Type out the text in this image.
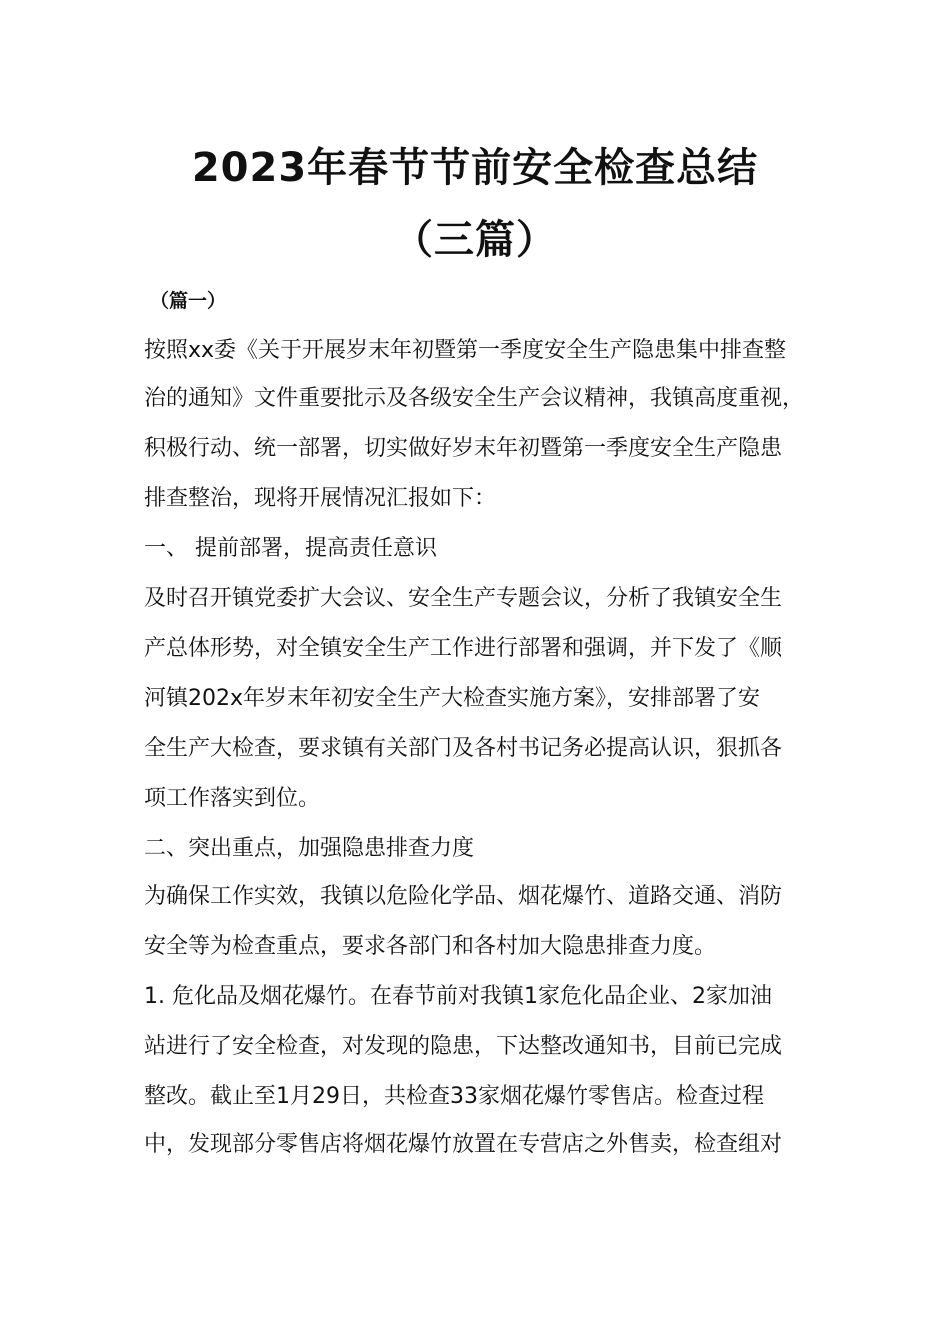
2023年春节节前安全检查总结
（三篇）
（篇一）
按照xx委《关于开展岁末年初暨第一季度安全生产隐患集中排查整
治的通知》文件重要批示及各级安全生产会议精神，我镇高度重视，
积极行动、统一部署，切实做好岁末年初暨第一季度安全生产隐患
排查整治，现将开展情况汇报如下：
一、 提前部署，提高责任意识
及时召开镇党委扩大会议、安全生产专题会议，分析了我镇安全生
产总体形势，对全镇安全生产工作进行部署和强调，并下发了《顺
河镇202x年岁末年初安全生产大检查实施方案》，安排部署了安
全生产大检查，要求镇有关部门及各村书记务必提高认识，狠抓各
项工作落实到位。
二、突出重点，加强隐患排查力度
为确保工作实效，我镇以危险化学品、烟花爆竹、道路交通、消防
安全等为检查重点，要求各部门和各村加大隐患排查力度。
1. 危化品及烟花爆竹。在春节前对我镇1家危化品企业、2家加油
站进行了安全检查，对发现的隐患，下达整改通知书，目前已完成
整改。截止至1月29日，共检查33家烟花爆竹零售店。检查过程
中，发现部分零售店将烟花爆竹放置在专营店之外售卖，检查组对
